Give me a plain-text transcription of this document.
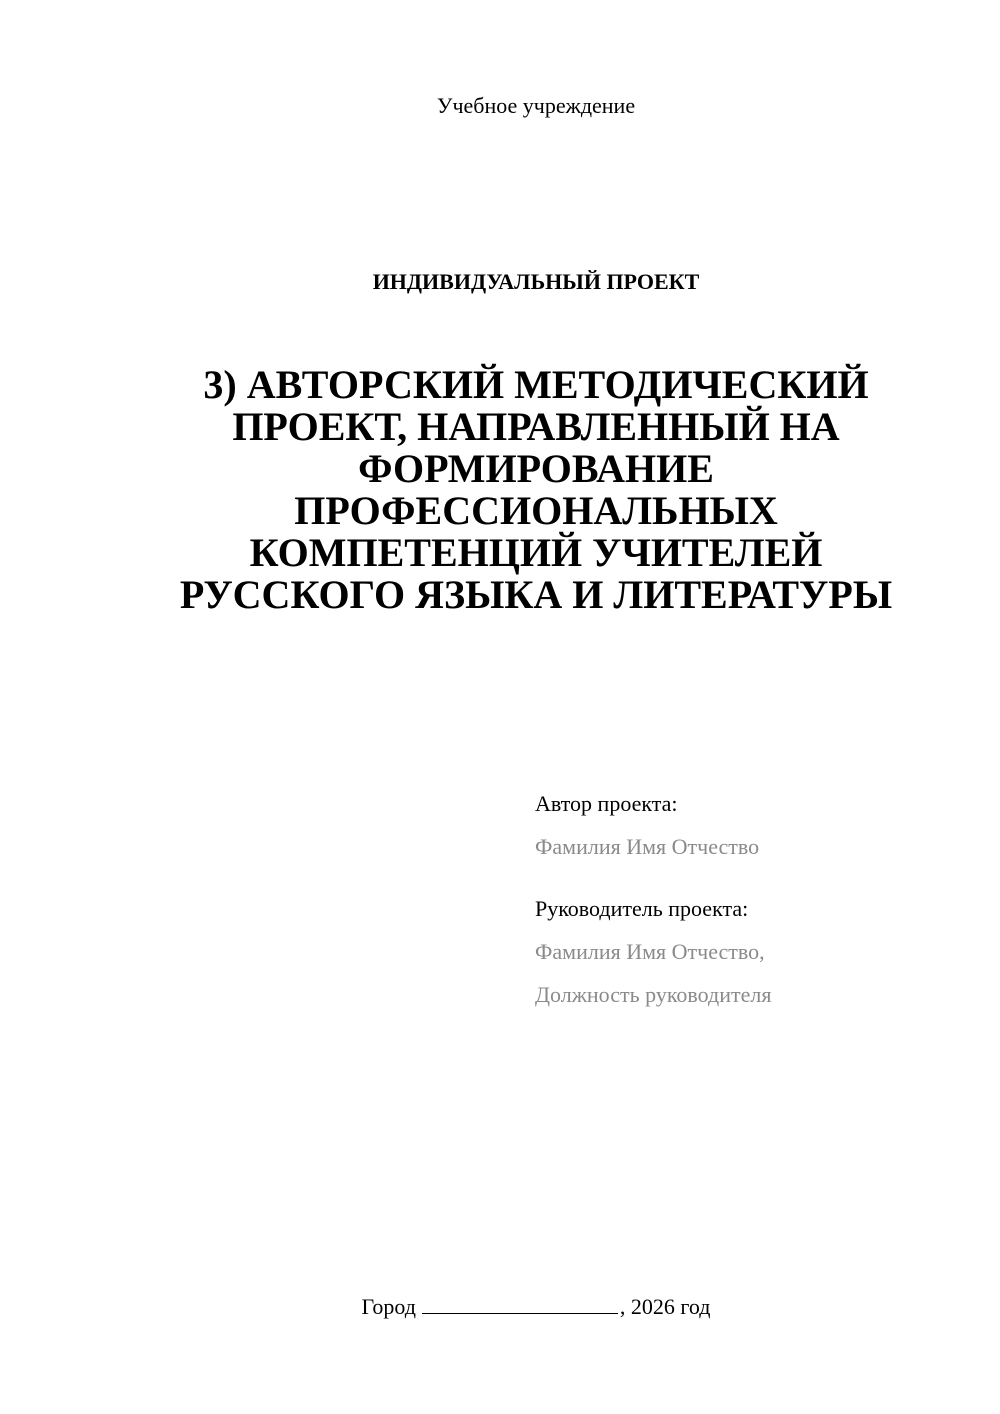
Учебное учреждение
ИНДИВИДУАЛЬНЫЙ ПРОЕКТ
3) АВТОРСКИЙ МЕТОДИЧЕСКИЙ
ПРОЕКТ, НАПРАВЛЕННЫЙ НА
ФОРМИРОВАНИЕ
ПРОФЕССИОНАЛЬНЫХ
КОМПЕТЕНЦИЙ УЧИТЕЛЕЙ
РУССКОГО ЯЗЫКА И ЛИТЕРАТУРЫ
Автор проекта:
Фамилия Имя Отчество
Руководитель проекта:
Фамилия Имя Отчество,
Должность руководителя
Город	, 2026 год
